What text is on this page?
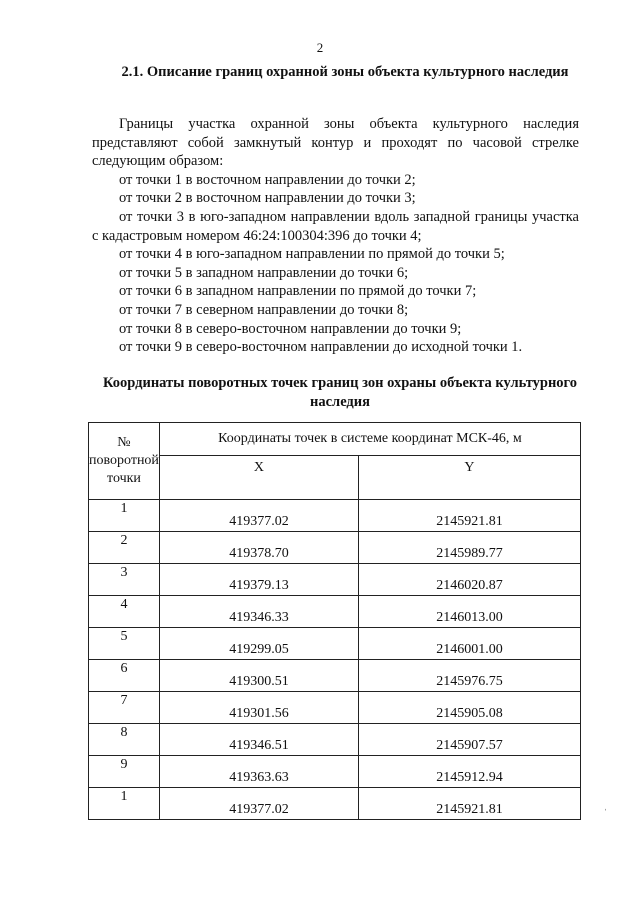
2
2.1. Описание границ охранной зоны объекта культурного наследия

Границы участка охранной зоны объекта культурного наследия представляют собой замкнутый контур и проходят по часовой стрелке следующим образом:

от точки 1 в восточном направлении до точки 2;

от точки 2 в восточном направлении до точки 3;

от точки 3 в юго-западном направлении вдоль западной границы участка с кадастровым номером 46:24:100304:396 до точки 4;

от точки 4 в юго-западном направлении по прямой до точки 5;

от точки 5 в западном направлении до точки 6;

от точки 6 в западном направлении по прямой до точки 7;

от точки 7 в северном направлении до точки 8;

от точки 8 в северо-восточном направлении до точки 9;

от точки 9 в северо-восточном направлении до исходной точки 1.

Координаты поворотных точек границ зон охраны объекта культурного наследия
№ поворотной точки	Координаты точек в системе координат МСК-46, м	
	X	Y
1	419377.02	2145921.81
2	419378.70	2145989.77
3	419379.13	2146020.87
4	419346.33	2146013.00
5	419299.05	2146001.00
6	419300.51	2145976.75
7	419301.56	2145905.08
8	419346.51	2145907.57
9	419363.63	2145912.94
1	419377.02	2145921.81	ˌ
